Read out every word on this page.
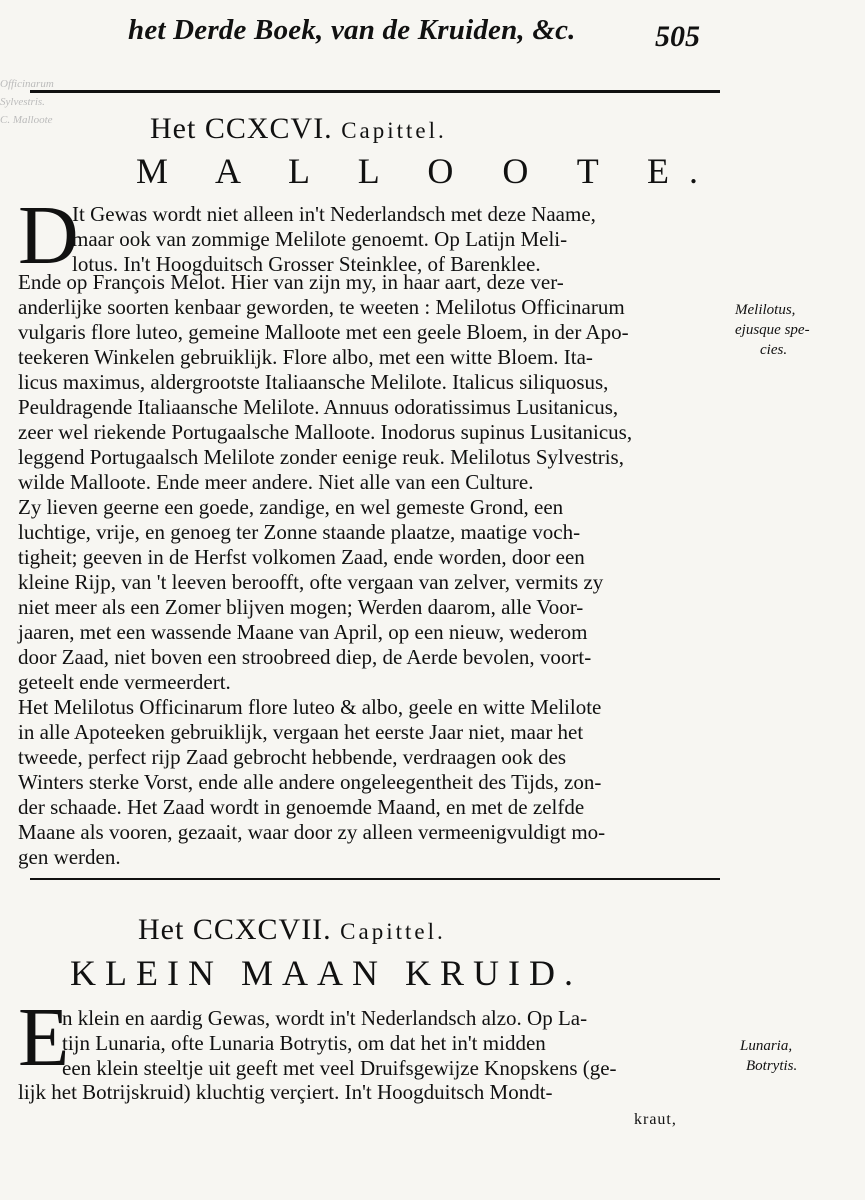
Officinarum
Sylvestris.
C. Malloote
het Derde Boek, van de Kruiden, &c.	505
Het CCXCVI. Capittel.
M A L L O O T E.
D
It Gewas wordt niet alleen in't Nederlandsch met deze Naame,
maar ook van zommige Melilote genoemt. Op Latijn Meli-
lotus. In't Hoogduitsch Grosser Steinklee, of Barenklee.
Ende op François Melot. Hier van zijn my, in haar aart, deze ver-
anderlijke soorten kenbaar geworden, te weeten : Melilotus Officinarum
vulgaris flore luteo, gemeine Malloote met een geele Bloem, in der Apo-
teekeren Winkelen gebruiklijk. Flore albo, met een witte Bloem. Ita-
licus maximus, aldergrootste Italiaansche Melilote. Italicus siliquosus,
Peuldragende Italiaansche Melilote. Annuus odoratissimus Lusitanicus,
zeer wel riekende Portugaalsche Malloote. Inodorus supinus Lusitanicus,
leggend Portugaalsch Melilote zonder eenige reuk. Melilotus Sylvestris,
wilde Malloote. Ende meer andere. Niet alle van een Culture.
Zy lieven geerne een goede, zandige, en wel gemeste Grond, een
luchtige, vrije, en genoeg ter Zonne staande plaatze, maatige voch-
tigheit; geeven in de Herfst volkomen Zaad, ende worden, door een
kleine Rijp, van 't leeven beroofft, ofte vergaan van zelver, vermits zy
niet meer als een Zomer blijven mogen; Werden daarom, alle Voor-
jaaren, met een wassende Maane van April, op een nieuw, wederom
door Zaad, niet boven een stroobreed diep, de Aerde bevolen, voort-
geteelt ende vermeerdert.
Het Melilotus Officinarum flore luteo & albo, geele en witte Melilote
in alle Apoteeken gebruiklijk, vergaan het eerste Jaar niet, maar het
tweede, perfect rijp Zaad gebrocht hebbende, verdraagen ook des
Winters sterke Vorst, ende alle andere ongeleegentheit des Tijds, zon-
der schaade. Het Zaad wordt in genoemde Maand, en met de zelfde
Maane als vooren, gezaait, waar door zy alleen vermeenigvuldigt mo-
gen werden.
Melilotus,
ejusque spe-
cies.
Het CCXCVII. Capittel.
KLEIN MAAN KRUID.
E
n klein en aardig Gewas, wordt in't Nederlandsch alzo. Op La-
tijn Lunaria, ofte Lunaria Botrytis, om dat het in't midden
een klein steeltje uit geeft met veel Druifsgewijze Knopskens (ge-
lijk het Botrijskruid) kluchtig verçiert. In't Hoogduitsch Mondt-
kraut,
Lunaria,
Botrytis.
